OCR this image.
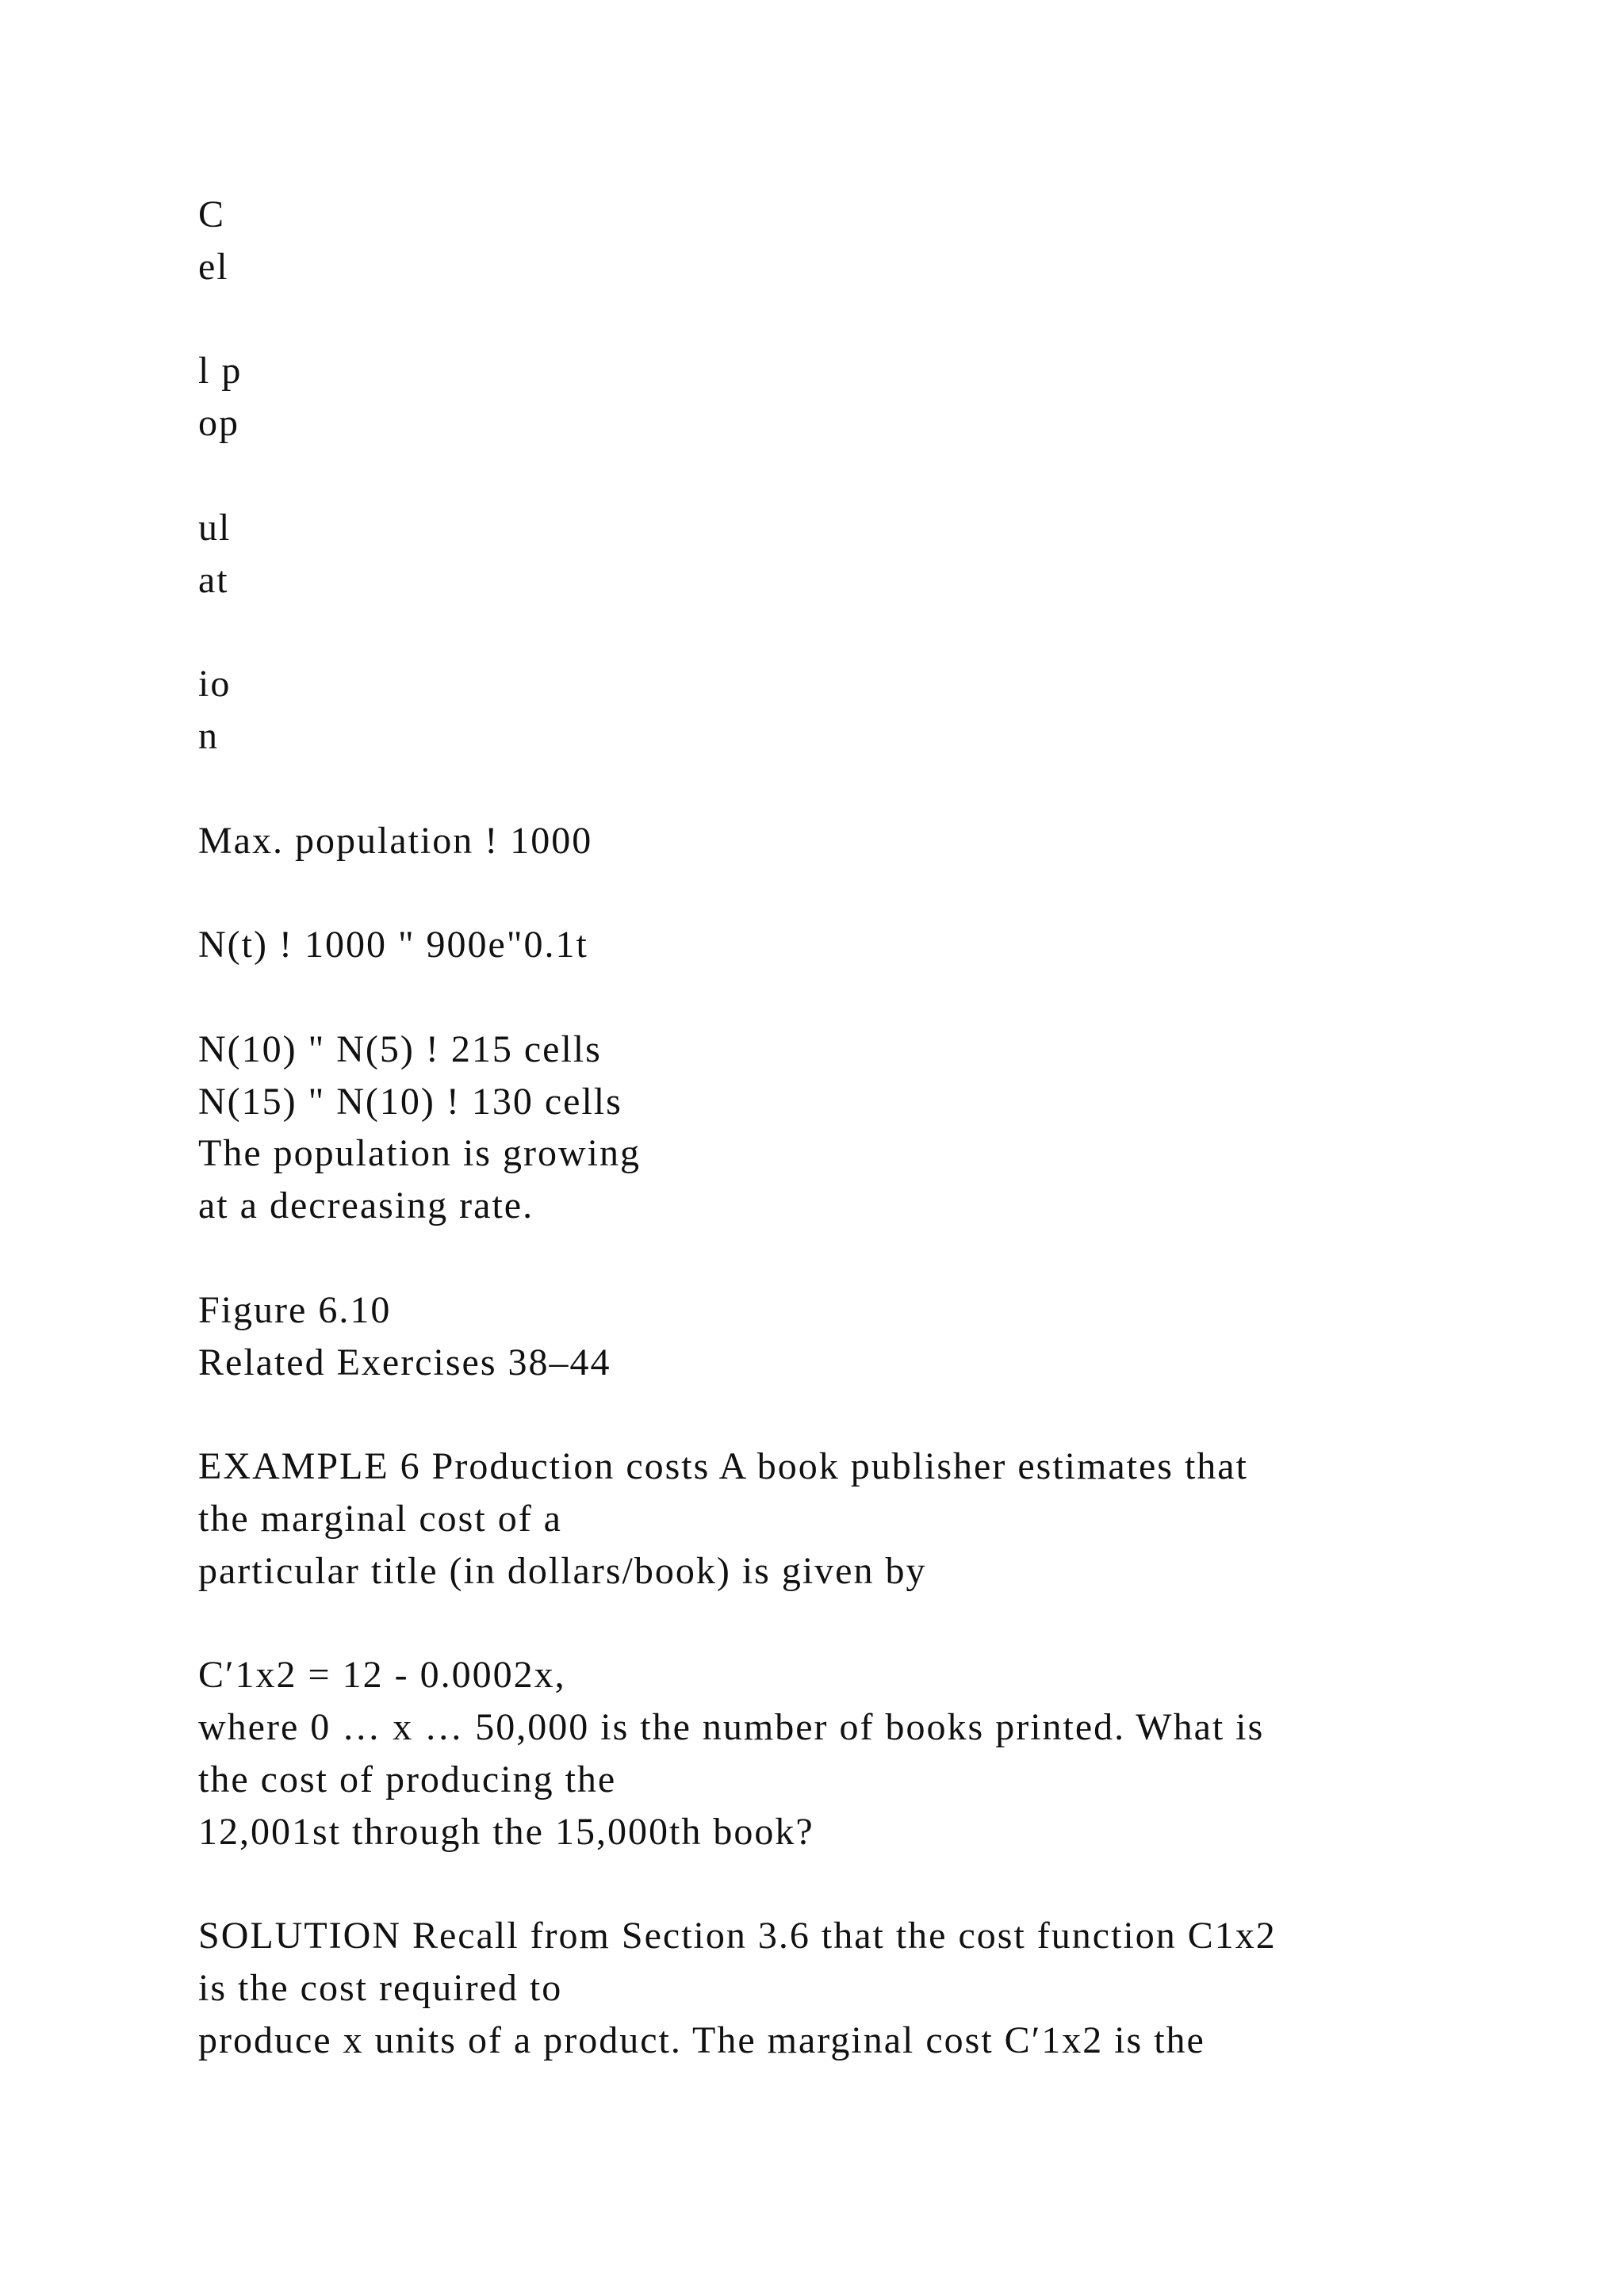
C
el
l p
op
ul
at
io
n
Max. population ! 1000
N(t) ! 1000 " 900e"0.1t
N(10) " N(5) ! 215 cells
N(15) " N(10) ! 130 cells
The population is growing
at a decreasing rate.
Figure 6.10
Related Exercises 38–44
EXAMPLE 6 Production costs A book publisher estimates that
the marginal cost of a
particular title (in dollars/book) is given by
C′1x2 = 12 - 0.0002x,
where 0 … x … 50,000 is the number of books printed. What is
the cost of producing the
12,001st through the 15,000th book?
SOLUTION Recall from Section 3.6 that the cost function C1x2
is the cost required to
produce x units of a product. The marginal cost C′1x2 is the
